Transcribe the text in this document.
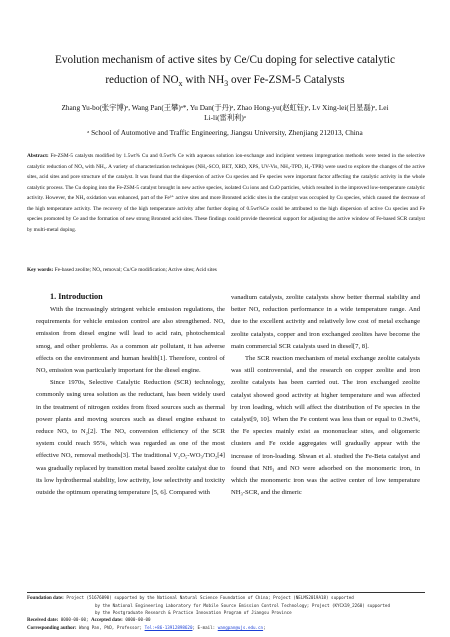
Evolution mechanism of active sites by Ce/Cu doping for selective catalytic
reduction of $NO_x$ with $NH_3$ over Fe-ZSM-5 Catalysts
Zhang Yu-bo(张宇博)ᵃ, Wang Pan(王攀)ᵃ*, Yu Dan(于丹)ᵃ, Zhao Hong-yu(赵虹钰)ᵃ, Lv Xing-lei(吕星磊)ᵃ, Lei
Li-li(雷利利)ᵃ
ᵃ School of Automotive and Traffic Engineering, Jiangsu University, Zhenjiang 212013, China
Abstract: Fe-ZSM-5 catalysts modified by 1.5wt% Cu and 0.5wt% Ce with aqueous solution ion-exchange and incipient wetness impregnation methods were tested in the selective catalytic reduction of NOₓ with NH₃. A variety of characterization techniques (NH₃-SCO, BET, XRD, XPS, UV-Vis, NH₃-TPD, H₂-TPR) were used to explore the changes of the active sites, acid sites and pore structure of the catalyst. It was found that the dispersion of active Cu species and Fe species were important factor affecting the catalytic activity in the whole catalytic process. The Cu doping into the Fe-ZSM-5 catalyst brought in new active species, isolated Cu ions and CuO particles, which resulted in the improved low-temperature catalytic activity. However, the NH₃ oxidation was enhanced, part of the Fe³⁺ active sites and more Bronsted acidic sites in the catalyst was occupied by Cu species, which caused the decrease of the high temperature activity. The recovery of the high temperature activity after further doping of 0.5wt%Ce could be attributed to the high dispersion of active Cu species and Fe species promoted by Ce and the formation of new strong Bronsted acid sites. These findings could provide theoretical support for adjusting the active window of Fe-based SCR catalyst by multi-metal doping.
Key words: Fe-based zeolite; NOₓ removal; Cu/Ce modification; Active sites; Acid sites

1. Introduction

With the increasingly stringent vehicle emission regulations, the requirements for vehicle emission control are also strengthened. NOₓ emission from diesel engine will lead to acid rain, photochemical smog, and other problems. As a common air pollutant, it has adverse effects on the environment and human health[1]. Therefore, control of NOₓ emission was particularly important for the diesel engine.

Since 1970s, Selective Catalytic Reduction (SCR) technology, commonly using urea solution as the reductant, has been widely used in the treatment of nitrogen oxides from fixed sources such as thermal power plants and moving sources such as diesel engine exhaust to reduce NOₓ to N₂[2]. The NOₓ conversion efficiency of the SCR system could reach 95%, which was regarded as one of the most effective NOₓ removal methods[3]. The traditional V₂O₅-WO₃/TiO₂[4] was gradually replaced by transition metal based zeolite catalyst due to its low hydrothermal stability, low activity, low selectivity and toxicity outside the optimum operating temperature [5, 6]. Compared with

vanadium catalysts, zeolite catalysts show better thermal stability and better NOₓ reduction performance in a wide temperature range. And due to the excellent activity and relatively low cost of metal exchange zeolite catalysts, copper and iron exchanged zeolites have become the main commercial SCR catalysts used in diesel[7, 8].

The SCR reaction mechanism of metal exchange zeolite catalysts was still controversial, and the research on copper zeolite and iron zeolite catalysts has been carried out. The iron exchanged zeolite catalyst showed good activity at higher temperature and was affected by iron loading, which will affect the distribution of Fe species in the catalyst[9, 10]. When the Fe content was less than or equal to 0.3wt%, the Fe species mainly exist as mononuclear sites, and oligomeric clusters and Fe oxide aggregates will gradually appear with the increase of iron-loading. Shwan et al. studied the Fe-Beta catalyst and found that NH₃ and NO were adsorbed on the monomeric iron, in which the monomeric iron was the active center of low temperature NH₃-SCR, and the dimeric

Foundation date: Project (51676090) supported by the National Natural Science Foundation of China; Project (NELMS2019A18) supported
by the National Engineering Laboratory for Mobile Source Emission Control Technology; Project (KYCX19_2260) supported
by the Postgraduate Research & Practice Innovation Program of Jiangsu Province
Received date: 0000-00-00; Accepted date: 0000-00-00
Corresponding author: Wang Pan, PhD, Professor; Tel:+86-13912898620; E-mail: wangpan@ujs.edu.cn;
